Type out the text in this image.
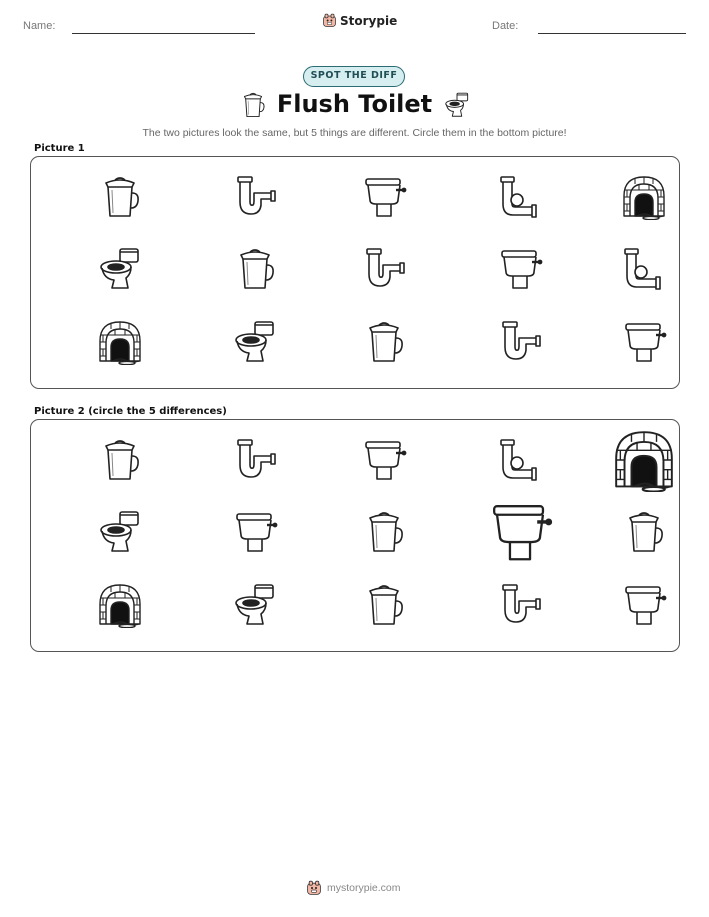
Name:	Storypie	Date:
SPOT THE DIFF
Flush Toilet
The two pictures look the same, but 5 things are different. Circle them in the bottom picture!
Picture 1
Picture 2 (circle the 5 differences)
mystorypie.com
